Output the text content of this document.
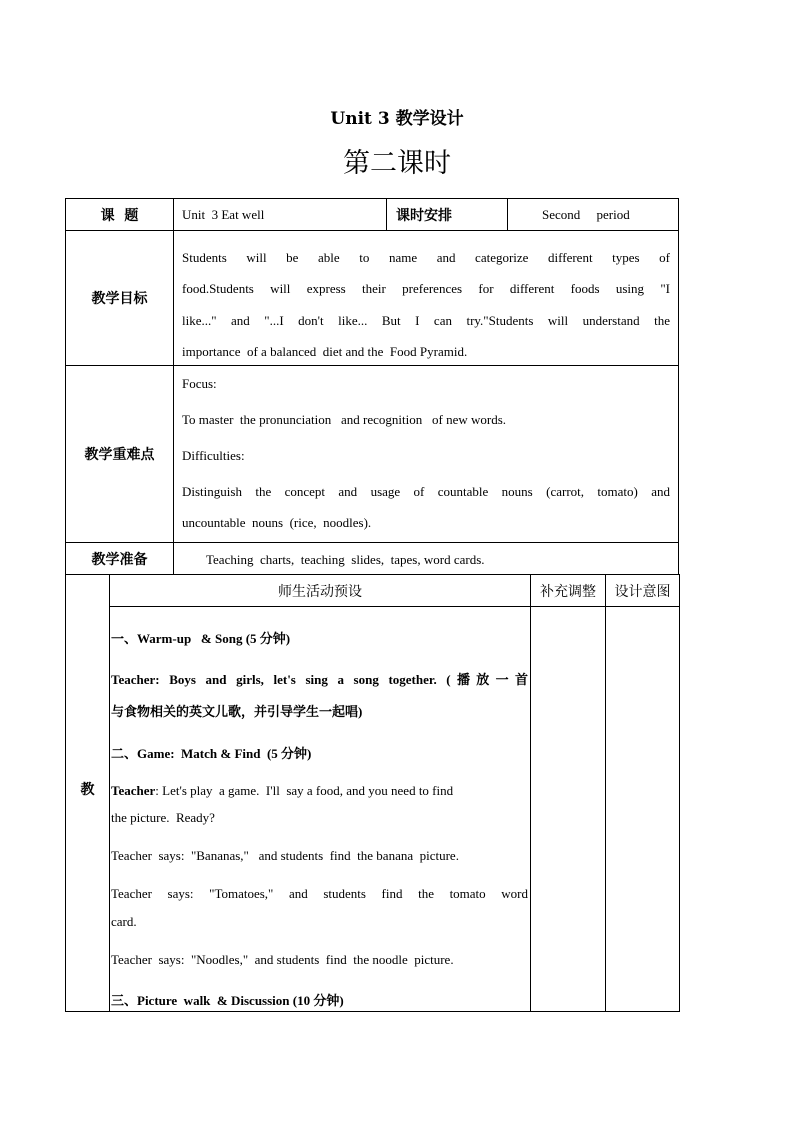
Unit 3 教学设计
第二课时
课  题	Unit  3 Eat well	课时安排	Second     period
教学目标
Students will be able to name and categorize different types of
food.Students will express their preferences for different foods using "I
like..." and "...I don't like... But I can try."Students will understand the
importance  of a balanced  diet and the  Food Pyramid.
教学重难点
Focus:
To master  the pronunciation   and recognition   of new words.
Difficulties:
Distinguish the concept and usage of countable nouns (carrot, tomato) and
uncountable  nouns  (rice,  noodles).
教学准备	Teaching  charts,  teaching  slides,  tapes, word cards.
教
师生活动预设	补充调整 设计意图
一、Warm-up   & Song (5 分钟)
Teacher: Boys and girls, let's sing a song together. (播放一首
与食物相关的英文儿歌，并引导学生一起唱)
二、Game:  Match & Find  (5 分钟)
Teacher: Let's play  a game.  I'll  say a food, and you need to find
the picture.  Ready?
Teacher  says:  "Bananas,"   and students  find  the banana  picture.
Teacher says: "Tomatoes," and students find the tomato word
card.
Teacher  says:  "Noodles,"  and students  find  the noodle  picture.
三、Picture  walk  & Discussion (10 分钟)
